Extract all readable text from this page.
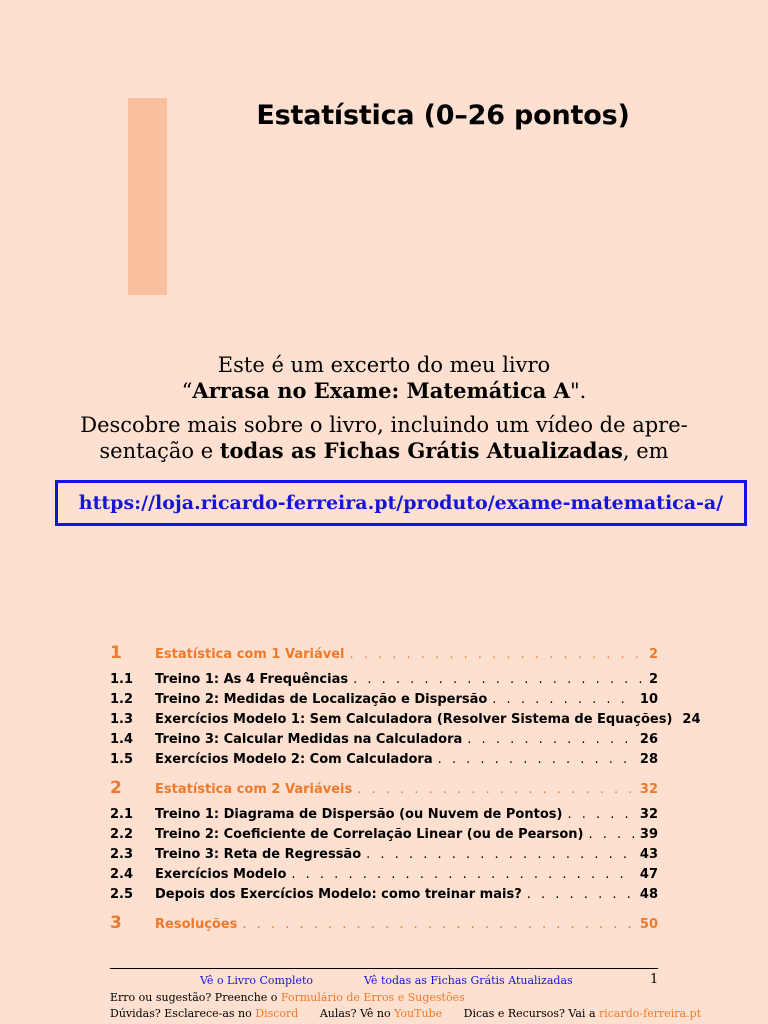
Estatística (0–26 pontos)
Este é um excerto do meu livro
“Arrasa no Exame: Matemática A".
Descobre mais sobre o livro, incluindo um vídeo de apre-
sentação e todas as Fichas Grátis Atualizadas, em
https://loja.ricardo-ferreira.pt/produto/exame-matematica-a/
1	Estatística com 1 Variável . . .	2
1.1 Treino 1: As 4 Frequências . . .	2
1.2 Treino 2: Medidas de Localização e Dispersão . . .	10
1.3 Exercícios Modelo 1: Sem Calculadora (Resolver Sistema de Equações) 24
1.4 Treino 3: Calcular Medidas na Calculadora . . .	26
1.5 Exercícios Modelo 2: Com Calculadora . . .	28
2	Estatística com 2 Variáveis . . .	32
2.1 Treino 1: Diagrama de Dispersão (ou Nuvem de Pontos) . . .	32
2.2 Treino 2: Coeficiente de Correlação Linear (ou de Pearson) . . .	39
2.3 Treino 3: Reta de Regressão . . .	43
2.4 Exercícios Modelo . . .	47
2.5 Depois dos Exercícios Modelo: como treinar mais? . . .	48
3	Resoluções . . .	50
Vê o Livro Completo	Vê todas as Fichas Grátis Atualizadas	1
Erro ou sugestão? Preenche o Formulário de Erros e Sugestões
Dúvidas? Esclarece-as no Discord Aulas? Vê no YouTube Dicas e Recursos? Vai a ricardo-ferreira.pt
